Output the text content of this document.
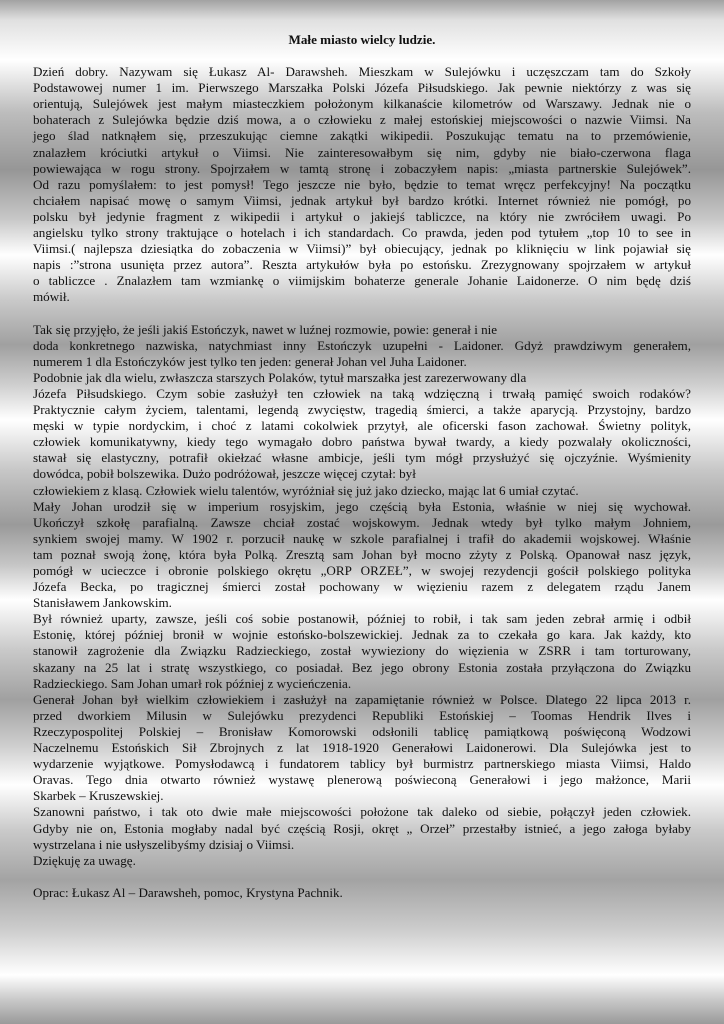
Małe miasto wielcy ludzie.
Dzień dobry. Nazywam się Łukasz Al- Darawsheh. Mieszkam w Sulejówku i uczęszczam tam do Szkoły
Podstawowej numer 1 im. Pierwszego Marszałka Polski Józefa Piłsudskiego. Jak pewnie niektórzy z was się
orientują, Sulejówek jest małym miasteczkiem położonym kilkanaście kilometrów od Warszawy. Jednak nie o
bohaterach z Sulejówka będzie dziś mowa, a o człowieku z małej estońskiej miejscowości o nazwie Viimsi. Na
jego ślad natknąłem się, przeszukując ciemne zakątki wikipedii. Poszukując tematu na to przemówienie,
znalazłem króciutki artykuł o Viimsi. Nie zainteresowałbym się nim, gdyby nie biało-czerwona flaga
powiewająca w rogu strony. Spojrzałem w tamtą stronę i zobaczyłem napis: „miasta partnerskie Sulejówek”.
Od razu pomyślałem: to jest pomysł! Tego jeszcze nie było, będzie to temat wręcz perfekcyjny! Na początku
chciałem napisać mowę o samym Viimsi, jednak artykuł był bardzo krótki. Internet również nie pomógł, po
polsku był jedynie fragment z wikipedii i artykuł o jakiejś tabliczce, na który nie zwróciłem uwagi. Po
angielsku tylko strony traktujące o hotelach i ich standardach. Co prawda, jeden pod tytułem „top 10 to see in
Viimsi.( najlepsza dziesiątka do zobaczenia w Viimsi)” był obiecujący, jednak po kliknięciu w link pojawiał się
napis :”strona usunięta przez autora”. Reszta artykułów była po estońsku. Zrezygnowany spojrzałem w artykuł
o tabliczce . Znalazłem tam wzmiankę o viimijskim bohaterze generale Johanie Laidonerze. O nim będę dziś
mówił.
Tak się przyjęło, że jeśli jakiś Estończyk, nawet w luźnej rozmowie, powie: generał i nie
doda konkretnego nazwiska, natychmiast inny Estończyk uzupełni - Laidoner. Gdyż prawdziwym generałem,
numerem 1 dla Estończyków jest tylko ten jeden: generał Johan vel Juha Laidoner.
Podobnie jak dla wielu, zwłaszcza starszych Polaków, tytuł marszałka jest zarezerwowany dla
Józefa Piłsudskiego. Czym sobie zasłużył ten człowiek na taką wdzięczną i trwałą pamięć swoich rodaków?
Praktycznie całym życiem, talentami, legendą zwycięstw, tragedią śmierci, a także aparycją. Przystojny, bardzo
męski w typie nordyckim, i choć z latami cokolwiek przytył, ale oficerski fason zachował. Świetny polityk,
człowiek komunikatywny, kiedy tego wymagało dobro państwa bywał twardy, a kiedy pozwalały okoliczności,
stawał się elastyczny, potrafił okiełzać własne ambicje, jeśli tym mógł przysłużyć się ojczyźnie. Wyśmienity
dowódca, pobił bolszewika. Dużo podróżował, jeszcze więcej czytał: był
człowiekiem z klasą. Człowiek wielu talentów, wyróżniał się już jako dziecko, mając lat 6 umiał czytać.
Mały Johan urodził się w imperium rosyjskim, jego częścią była Estonia, właśnie w niej się wychował.
Ukończył szkołę parafialną. Zawsze chciał zostać wojskowym. Jednak wtedy był tylko małym Johniem,
synkiem swojej mamy. W 1902 r. porzucił naukę w szkole parafialnej i trafił do akademii wojskowej. Właśnie
tam poznał swoją żonę, która była Polką. Zresztą sam Johan był mocno zżyty z Polską. Opanował nasz język,
pomógł w ucieczce i obronie polskiego okrętu „ORP ORZEŁ”, w swojej rezydencji gościł polskiego polityka
Józefa Becka, po tragicznej śmierci został pochowany w więzieniu razem z delegatem rządu Janem
Stanisławem Jankowskim.
Był również uparty, zawsze, jeśli coś sobie postanowił, później to robił, i tak sam jeden zebrał armię i odbił
Estonię, której później bronił w wojnie estońsko-bolszewickiej. Jednak za to czekała go kara. Jak każdy, kto
stanowił zagrożenie dla Związku Radzieckiego, został wywieziony do więzienia w ZSRR i tam torturowany,
skazany na 25 lat i stratę wszystkiego, co posiadał. Bez jego obrony Estonia została przyłączona do Związku
Radzieckiego. Sam Johan umarł rok później z wycieńczenia.
Generał Johan był wielkim człowiekiem i zasłużył na zapamiętanie również w Polsce. Dlatego 22 lipca 2013 r.
przed dworkiem Milusin w Sulejówku prezydenci Republiki Estońskiej – Toomas Hendrik Ilves i
Rzeczypospolitej Polskiej – Bronisław Komorowski odsłonili tablicę pamiątkową poświęconą Wodzowi
Naczelnemu Estońskich Sił Zbrojnych z lat 1918-1920 Generałowi Laidonerowi. Dla Sulejówka jest to
wydarzenie wyjątkowe. Pomysłodawcą i fundatorem tablicy był burmistrz partnerskiego miasta Viimsi, Haldo
Oravas. Tego dnia otwarto również wystawę plenerową poświeconą Generałowi i jego małżonce, Marii
Skarbek – Kruszewskiej.
Szanowni państwo, i tak oto dwie małe miejscowości położone tak daleko od siebie, połączył jeden człowiek.
Gdyby nie on, Estonia mogłaby nadal być częścią Rosji, okręt „ Orzeł” przestałby istnieć, a jego załoga byłaby
wystrzelana i nie usłyszelibyśmy dzisiaj o Viimsi.
Dziękuję za uwagę.
Oprac: Łukasz Al – Darawsheh, pomoc, Krystyna Pachnik.
